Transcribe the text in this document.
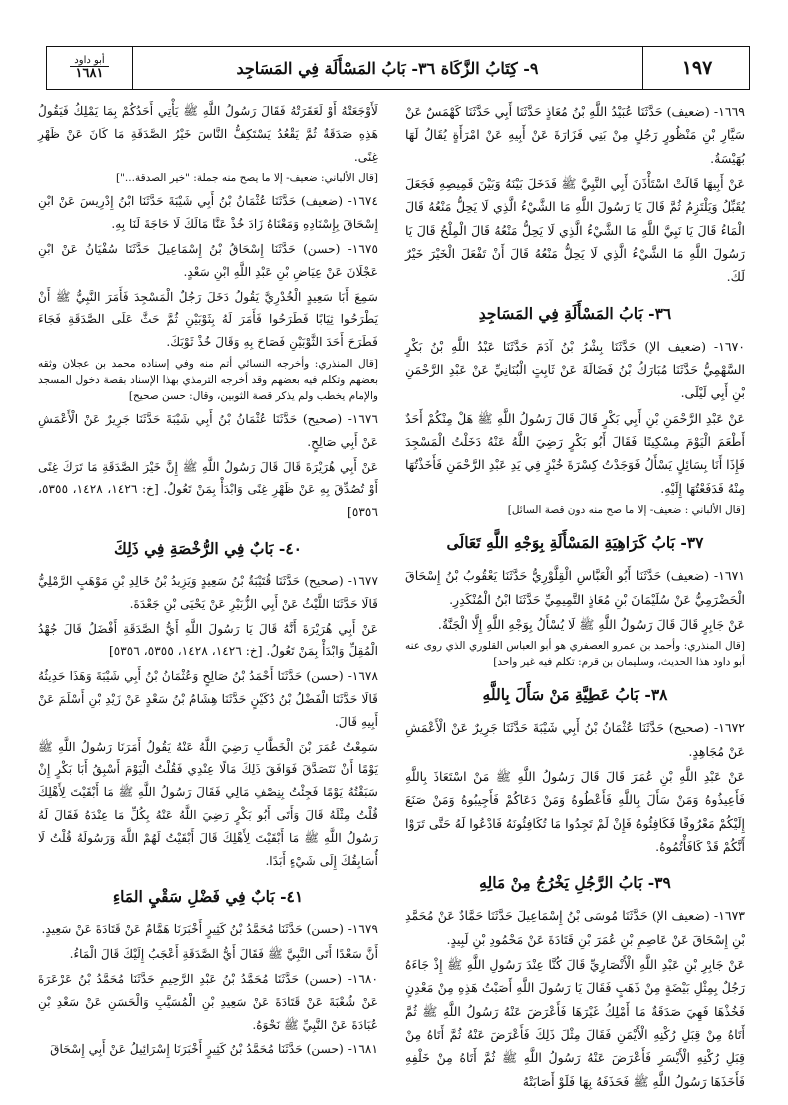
أبو داود
١٦٨١	٩- كِتَابُ الزَّكَاة ٣٦- بَابُ المَسْأَلَة فِي المَسَاجِد	١٩٧

١٦٦٩- (ضعيف) حَدَّثَنَا عُبَيْدُ اللَّهِ بْنُ مُعَاذٍ حَدَّثَنَا أَبِي حَدَّثَنَا كَهْمَسٌ عَنْ سَيَّارِ بْنِ مَنْظُورٍ رَجُلٍ مِنْ بَنِي فَزَارَةَ عَنْ أَبِيهِ عَنْ امْرَأَةٍ يُقَالُ لَهَا بُهَيْسَةُ.

عَنْ أَبِيهَا قَالَتْ اسْتَأْذَنَ أَبِي النَّبِيَّ ﷺ فَدَخَلَ بَيْنَهُ وَبَيْنَ قَمِيصِهِ فَجَعَلَ يُقَبِّلُ وَيَلْتَزِمُ ثُمَّ قَالَ يَا رَسُولَ اللَّهِ مَا الشَّيْءُ الَّذِي لَا يَحِلُّ مَنْعُهُ قَالَ الْمَاءُ قَالَ يَا نَبِيَّ اللَّهِ مَا الشَّيْءُ الَّذِي لَا يَحِلُّ مَنْعُهُ قَالَ الْمِلْحُ قَالَ يَا رَسُولَ اللَّهِ مَا الشَّيْءُ الَّذِي لَا يَحِلُّ مَنْعُهُ قَالَ أَنْ تَفْعَلَ الْخَيْرَ خَيْرٌ لَكَ.

٣٦- بَابُ المَسْأَلَةِ فِي المَسَاجِدِ

١٦٧٠- (ضعيف الإ) حَدَّثَنَا بِشْرُ بْنُ آدَمَ حَدَّثَنَا عَبْدُ اللَّهِ بْنُ بَكْرٍ السَّهْمِيُّ حَدَّثَنَا مُبَارَكُ بْنُ فَضَالَةَ عَنْ ثَابِتٍ الْبُنَانِيِّ عَنْ عَبْدِ الرَّحْمَنِ بْنِ أَبِي لَيْلَى.

عَنْ عَبْدِ الرَّحْمَنِ بْنِ أَبِي بَكْرٍ قَالَ قَالَ رَسُولُ اللَّهِ ﷺ هَلْ مِنْكُمْ أَحَدٌ أَطْعَمَ الْيَوْمَ مِسْكِينًا فَقَالَ أَبُو بَكْرٍ رَضِيَ اللَّهُ عَنْهُ دَخَلْتُ الْمَسْجِدَ فَإِذَا أَنَا بِسَائِلٍ يَسْأَلُ فَوَجَدْتُ كِسْرَةَ خُبْزٍ فِي يَدِ عَبْدِ الرَّحْمَنِ فَأَخَذْتُهَا مِنْهُ فَدَفَعْتُهَا إِلَيْهِ.

[قال الألباني : ضعيف- إلا ما صح منه دون قصة السائل]

٣٧- بَابُ كَرَاهِيَةِ المَسْأَلَةِ بِوَجْهِ اللَّهِ تَعَالَى

١٦٧١- (ضعيف) حَدَّثَنَا أَبُو الْعَبَّاسِ الْقِلَّوْرِيُّ حَدَّثَنَا يَعْقُوبُ بْنُ إِسْحَاقَ الْحَضْرَمِيُّ عَنْ سُلَيْمَانَ بْنِ مُعَاذٍ التَّمِيمِيِّ حَدَّثَنَا ابْنُ الْمُنْكَدِرِ.

عَنْ جَابِرٍ قَالَ قَالَ رَسُولُ اللَّهِ ﷺ لَا يُسْأَلُ بِوَجْهِ اللَّهِ إِلَّا الْجَنَّةُ.

[قال المنذري: وأحمد بن عمرو العصفري هو أبو العباس القلوري الذي روى عنه أبو داود هذا الحديث، وسليمان بن قرم: تكلم فيه غير واحد]

٣٨- بَابُ عَطِيَّةِ مَنْ سَأَلَ بِاللَّهِ

١٦٧٢- (صحيح) حَدَّثَنَا عُثْمَانُ بْنُ أَبِي شَيْبَةَ حَدَّثَنَا جَرِيرٌ عَنْ الْأَعْمَشِ عَنْ مُجَاهِدٍ.

عَنْ عَبْدِ اللَّهِ بْنِ عُمَرَ قَالَ قَالَ رَسُولُ اللَّهِ ﷺ مَنْ اسْتَعَاذَ بِاللَّهِ فَأَعِيذُوهُ وَمَنْ سَأَلَ بِاللَّهِ فَأَعْطُوهُ وَمَنْ دَعَاكُمْ فَأَجِيبُوهُ وَمَنْ صَنَعَ إِلَيْكُمْ مَعْرُوفًا فَكَافِئُوهُ فَإِنْ لَمْ تَجِدُوا مَا تُكَافِئُونَهُ فَادْعُوا لَهُ حَتَّى تَرَوْا أَنَّكُمْ قَدْ كَافَأْتُمُوهُ.

٣٩- بَابُ الرَّجُلِ يَخْرُجُ مِنْ مَالِهِ

١٦٧٣- (ضعيف الإ) حَدَّثَنَا مُوسَى بْنُ إِسْمَاعِيلَ حَدَّثَنَا حَمَّادٌ عَنْ مُحَمَّدِ بْنِ إِسْحَاقَ عَنْ عَاصِمِ بْنِ عُمَرَ بْنِ قَتَادَةَ عَنْ مَحْمُودِ بْنِ لَبِيدٍ.

عَنْ جَابِرِ بْنِ عَبْدِ اللَّهِ الْأَنْصَارِيِّ قَالَ كُنَّا عِنْدَ رَسُولِ اللَّهِ ﷺ إِذْ جَاءَهُ رَجُلٌ بِمِثْلِ بَيْضَةٍ مِنْ ذَهَبٍ فَقَالَ يَا رَسُولَ اللَّهِ أَصَبْتُ هَذِهِ مِنْ مَعْدِنٍ فَخُذْهَا فَهِيَ صَدَقَةٌ مَا أَمْلِكُ غَيْرَهَا فَأَعْرَضَ عَنْهُ رَسُولُ اللَّهِ ﷺ ثُمَّ أَتَاهُ مِنْ قِبَلِ رُكْنِهِ الْأَيْمَنِ فَقَالَ مِثْلَ ذَلِكَ فَأَعْرَضَ عَنْهُ ثُمَّ أَتَاهُ مِنْ قِبَلِ رُكْنِهِ الْأَيْسَرِ فَأَعْرَضَ عَنْهُ رَسُولُ اللَّهِ ﷺ ثُمَّ أَتَاهُ مِنْ خَلْفِهِ فَأَخَذَهَا رَسُولُ اللَّهِ ﷺ فَحَذَفَهُ بِهَا فَلَوْ أَصَابَتْهُ

لَأَوْجَعَتْهُ أَوْ لَعَقَرَتْهُ فَقَالَ رَسُولُ اللَّهِ ﷺ يَأْتِي أَحَدُكُمْ بِمَا يَمْلِكُ فَيَقُولُ هَذِهِ صَدَقَةٌ ثُمَّ يَقْعُدُ يَسْتَكِفُّ النَّاسَ خَيْرُ الصَّدَقَةِ مَا كَانَ عَنْ ظَهْرِ غِنًى.

[قال الألباني: ضعيف- إلا ما يصح منه جملة: "خير الصدقة..."]

١٦٧٤- (ضعيف) حَدَّثَنَا عُثْمَانُ بْنُ أَبِي شَيْبَةَ حَدَّثَنَا ابْنُ إِدْرِيسَ عَنْ ابْنِ إِسْحَاقَ بِإِسْنَادِهِ وَمَعْنَاهُ زَادَ خُذْ عَنَّا مَالَكَ لَا حَاجَةَ لَنَا بِهِ.

١٦٧٥- (حسن) حَدَّثَنَا إِسْحَاقُ بْنُ إِسْمَاعِيلَ حَدَّثَنَا سُفْيَانُ عَنْ ابْنِ عَجْلَانَ عَنْ عِيَاضِ بْنِ عَبْدِ اللَّهِ ابْنِ سَعْدٍ.

سَمِعَ أَبَا سَعِيدٍ الْخُدْرِيَّ يَقُولُ دَخَلَ رَجُلٌ الْمَسْجِدَ فَأَمَرَ النَّبِيُّ ﷺ أَنْ يَطْرَحُوا ثِيَابًا فَطَرَحُوا فَأَمَرَ لَهُ بِثَوْبَيْنِ ثُمَّ حَثَّ عَلَى الصَّدَقَةِ فَجَاءَ فَطَرَحَ أَحَدَ الثَّوْبَيْنِ فَصَاحَ بِهِ وَقَالَ خُذْ ثَوْبَكَ.

[قال المنذري: وأخرجه النسائي أتم منه وفي إسناده محمد بن عجلان وثقه بعضهم وتكلم فيه بعضهم وقد أخرجه الترمذي بهذا الإسناد بقصة دخول المسجد والإمام يخطب ولم يذكر قصة الثوبين، وقال: حسن صحيح]

١٦٧٦- (صحيح) حَدَّثَنَا عُثْمَانُ بْنُ أَبِي شَيْبَةَ حَدَّثَنَا جَرِيرٌ عَنْ الْأَعْمَشِ عَنْ أَبِي صَالِحٍ.

عَنْ أَبِي هُرَيْرَةَ قَالَ قَالَ رَسُولُ اللَّهِ ﷺ إِنَّ خَيْرَ الصَّدَقَةِ مَا تَرَكَ غِنًى أَوْ تُصُدِّقَ بِهِ عَنْ ظَهْرِ غِنًى وَابْدَأْ بِمَنْ تَعُولُ. [خ: ١٤٢٦، ١٤٢٨، ٥٣٥٥، ٥٣٥٦]

٤٠- بَابٌ فِي الرُّخْصَةِ فِي ذَلِكَ

١٦٧٧- (صحيح) حَدَّثَنَا قُتَيْبَةُ بْنُ سَعِيدٍ وَيَزِيدُ بْنُ خَالِدِ بْنِ مَوْهَبٍ الرَّمْلِيُّ قَالَا حَدَّثَنَا اللَّيْثُ عَنْ أَبِي الزُّبَيْرِ عَنْ يَحْيَى بْنِ جَعْدَةَ.

عَنْ أَبِي هُرَيْرَةَ أَنَّهُ قَالَ يَا رَسُولَ اللَّهِ أَيُّ الصَّدَقَةِ أَفْضَلُ قَالَ جُهْدُ الْمُقِلِّ وَابْدَأْ بِمَنْ تَعُولُ. [خ: ١٤٢٦، ١٤٢٨، ٥٣٥٥، ٥٣٥٦]

١٦٧٨- (حسن) حَدَّثَنَا أَحْمَدُ بْنُ صَالِحٍ وَعُثْمَانُ بْنُ أَبِي شَيْبَةَ وَهَذَا حَدِيثُهُ قَالَا حَدَّثَنَا الْفَضْلُ بْنُ دُكَيْنٍ حَدَّثَنَا هِشَامُ بْنُ سَعْدٍ عَنْ زَيْدِ بْنِ أَسْلَمَ عَنْ أَبِيهِ قَالَ.

سَمِعْتُ عُمَرَ بْنَ الْخَطَّابِ رَضِيَ اللَّهُ عَنْهُ يَقُولُ أَمَرَنَا رَسُولُ اللَّهِ ﷺ يَوْمًا أَنْ نَتَصَدَّقَ فَوَافَقَ ذَلِكَ مَالًا عِنْدِي فَقُلْتُ الْيَوْمَ أَسْبِقُ أَبَا بَكْرٍ إِنْ سَبَقْتُهُ يَوْمًا فَجِئْتُ بِنِصْفِ مَالِي فَقَالَ رَسُولُ اللَّهِ ﷺ مَا أَبْقَيْتَ لِأَهْلِكَ قُلْتُ مِثْلَهُ قَالَ وَأَتَى أَبُو بَكْرٍ رَضِيَ اللَّهُ عَنْهُ بِكُلِّ مَا عِنْدَهُ فَقَالَ لَهُ رَسُولُ اللَّهِ ﷺ مَا أَبْقَيْتَ لِأَهْلِكَ قَالَ أَبْقَيْتُ لَهُمْ اللَّهَ وَرَسُولَهُ قُلْتُ لَا أُسَابِقُكَ إِلَى شَيْءٍ أَبَدًا.

٤١- بَابٌ فِي فَضْلِ سَقْيِ المَاءِ

١٦٧٩- (حسن) حَدَّثَنَا مُحَمَّدُ بْنُ كَثِيرٍ أَخْبَرَنَا هَمَّامٌ عَنْ قَتَادَةَ عَنْ سَعِيدٍ.

أَنَّ سَعْدًا أَتَى النَّبِيَّ ﷺ فَقَالَ أَيُّ الصَّدَقَةِ أَعْجَبُ إِلَيْكَ قَالَ الْمَاءُ.

١٦٨٠- (حسن) حَدَّثَنَا مُحَمَّدُ بْنُ عَبْدِ الرَّحِيمِ حَدَّثَنَا مُحَمَّدُ بْنُ عَرْعَرَةَ عَنْ شُعْبَةَ عَنْ قَتَادَةَ عَنْ سَعِيدِ بْنِ الْمُسَيَّبِ وَالْحَسَنِ عَنْ سَعْدِ بْنِ عُبَادَةَ عَنْ النَّبِيِّ ﷺ نَحْوَهُ.

١٦٨١- (حسن) حَدَّثَنَا مُحَمَّدُ بْنُ كَثِيرٍ أَخْبَرَنَا إِسْرَائِيلُ عَنْ أَبِي إِسْحَاقَ
